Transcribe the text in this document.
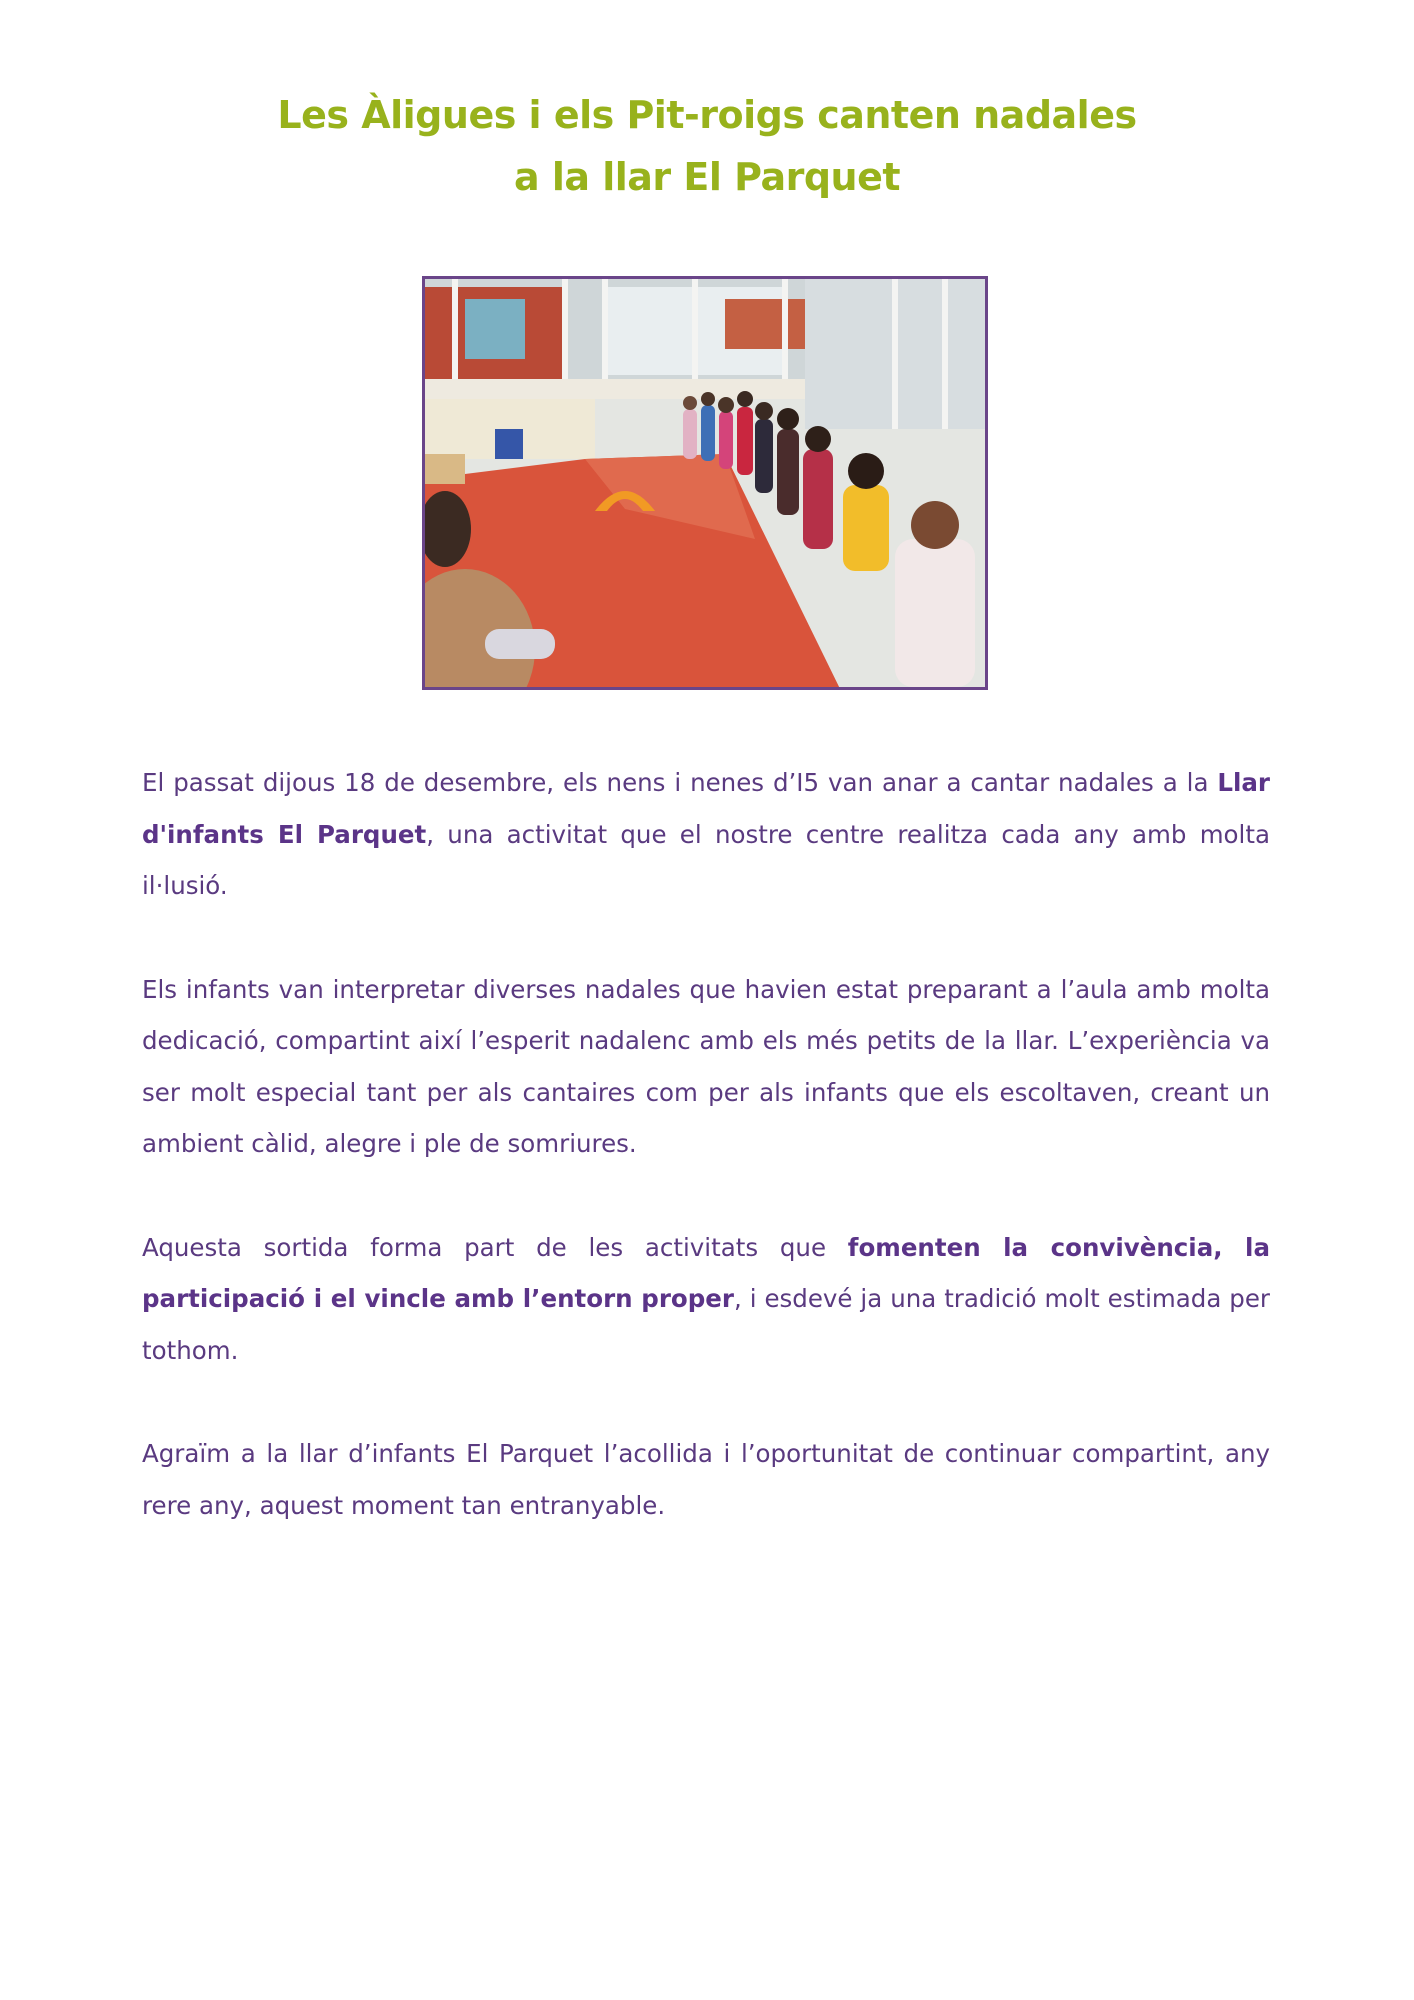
Les Àligues i els Pit-roigs canten nadales
a la llar El Parquet

El passat dijous 18 de desembre, els nens i nenes d’I5 van anar a cantar nadales a la Llar d'infants El Parquet, una activitat que el nostre centre realitza cada any amb molta il·lusió.

Els infants van interpretar diverses nadales que havien estat preparant a l’aula amb molta dedicació, compartint així l’esperit nadalenc amb els més petits de la llar. L’experiència va ser molt especial tant per als cantaires com per als infants que els escoltaven, creant un ambient càlid, alegre i ple de somriures.

Aquesta sortida forma part de les activitats que fomenten la convivència, la participació i el vincle amb l’entorn proper, i esdevé ja una tradició molt estimada per tothom.

Agraïm a la llar d’infants El Parquet l’acollida i l’oportunitat de continuar compartint, any rere any, aquest moment tan entranyable.
